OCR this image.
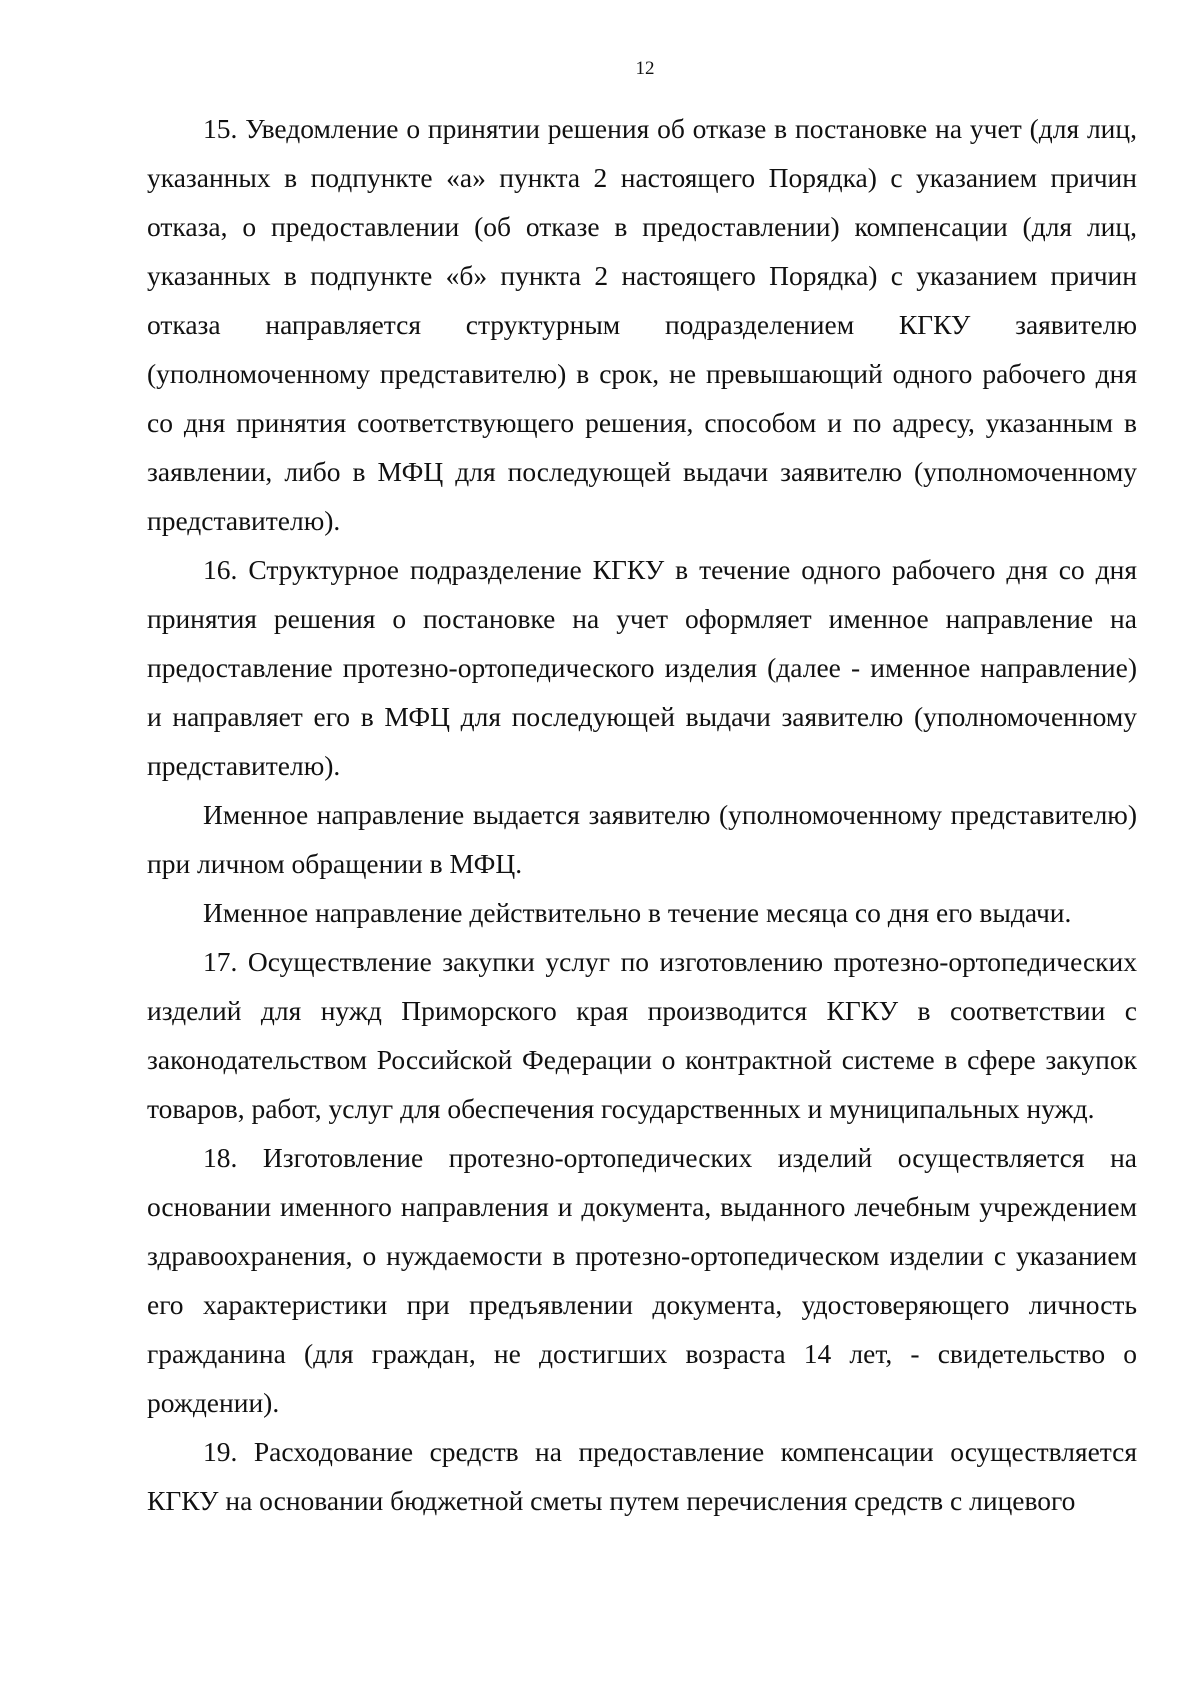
12

15. Уведомление о принятии решения об отказе в постановке на учет (для лиц, указанных в подпункте «а» пункта 2 настоящего Порядка) с указанием причин отказа, о предоставлении (об отказе в предоставлении) компенсации (для лиц, указанных в подпункте «б» пункта 2 настоящего Порядка) с указанием причин отказа направляется структурным подразделением КГКУ заявителю (уполномоченному представителю) в срок, не превышающий одного рабочего дня со дня принятия соответствующего решения, способом и по адресу, указанным в заявлении, либо в МФЦ для последующей выдачи заявителю (уполномоченному представителю).

16. Структурное подразделение КГКУ в течение одного рабочего дня со дня принятия решения о постановке на учет оформляет именное направление на предоставление протезно-ортопедического изделия (далее - именное направление) и направляет его в МФЦ для последующей выдачи заявителю (уполномоченному представителю).

Именное направление выдается заявителю (уполномоченному представителю) при личном обращении в МФЦ.

Именное направление действительно в течение месяца со дня его выдачи.

17. Осуществление закупки услуг по изготовлению протезно-ортопедических изделий для нужд Приморского края производится КГКУ в соответствии с законодательством Российской Федерации о контрактной системе в сфере закупок товаров, работ, услуг для обеспечения государственных и муниципальных нужд.

18. Изготовление протезно-ортопедических изделий осуществляется на основании именного направления и документа, выданного лечебным учреждением здравоохранения, о нуждаемости в протезно-ортопедическом изделии с указанием его характеристики при предъявлении документа, удостоверяющего личность гражданина (для граждан, не достигших возраста 14 лет, - свидетельство о рождении).

19. Расходование средств на предоставление компенсации осуществляется КГКУ на основании бюджетной сметы путем перечисления средств с лицевого
